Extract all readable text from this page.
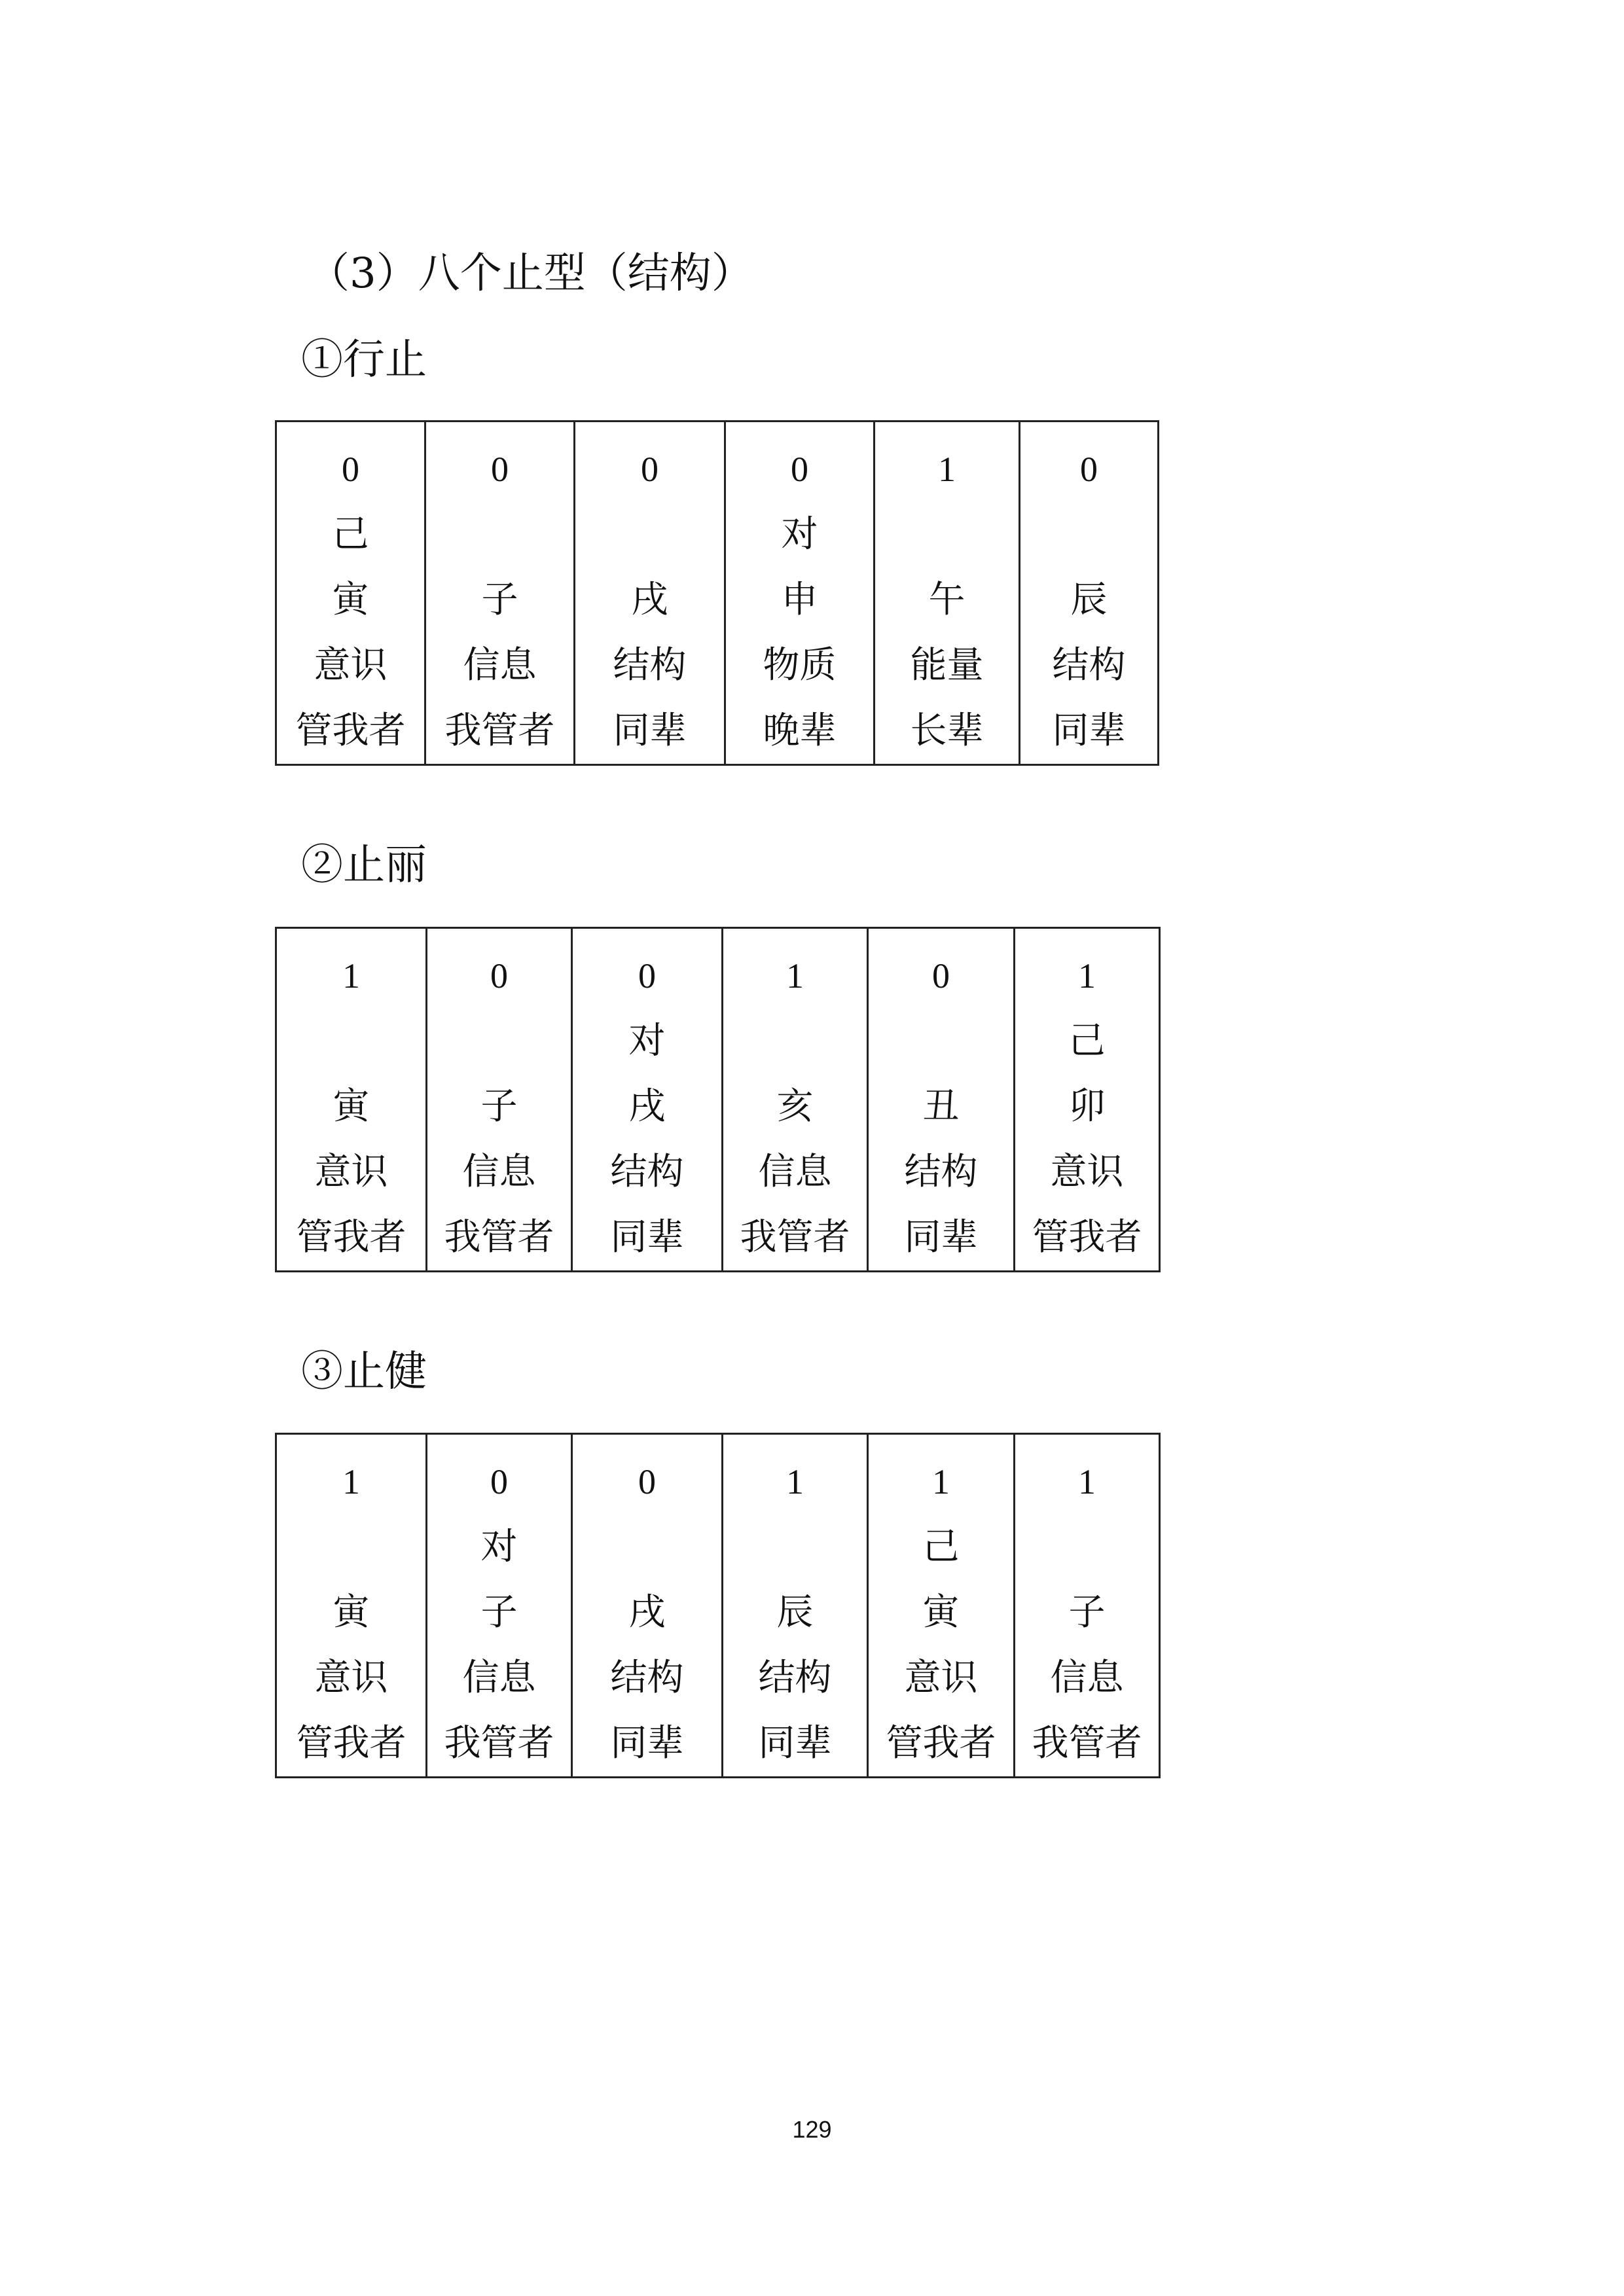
（3）八个止型（结构）
①行止
0
己
寅
意识
管我者

0
子
信息
我管者

0
戌
结构
同辈

0
对
申
物质
晚辈

1
午
能量
长辈

0
辰
结构
同辈
②止丽
1
寅
意识
管我者

0
子
信息
我管者

0
对
戌
结构
同辈

1
亥
信息
我管者

0
丑
结构
同辈

1
己
卯
意识
管我者
③止健
1
寅
意识
管我者

0
对
子
信息
我管者

0
戌
结构
同辈

1
辰
结构
同辈

1
己
寅
意识
管我者

1
子
信息
我管者
129
